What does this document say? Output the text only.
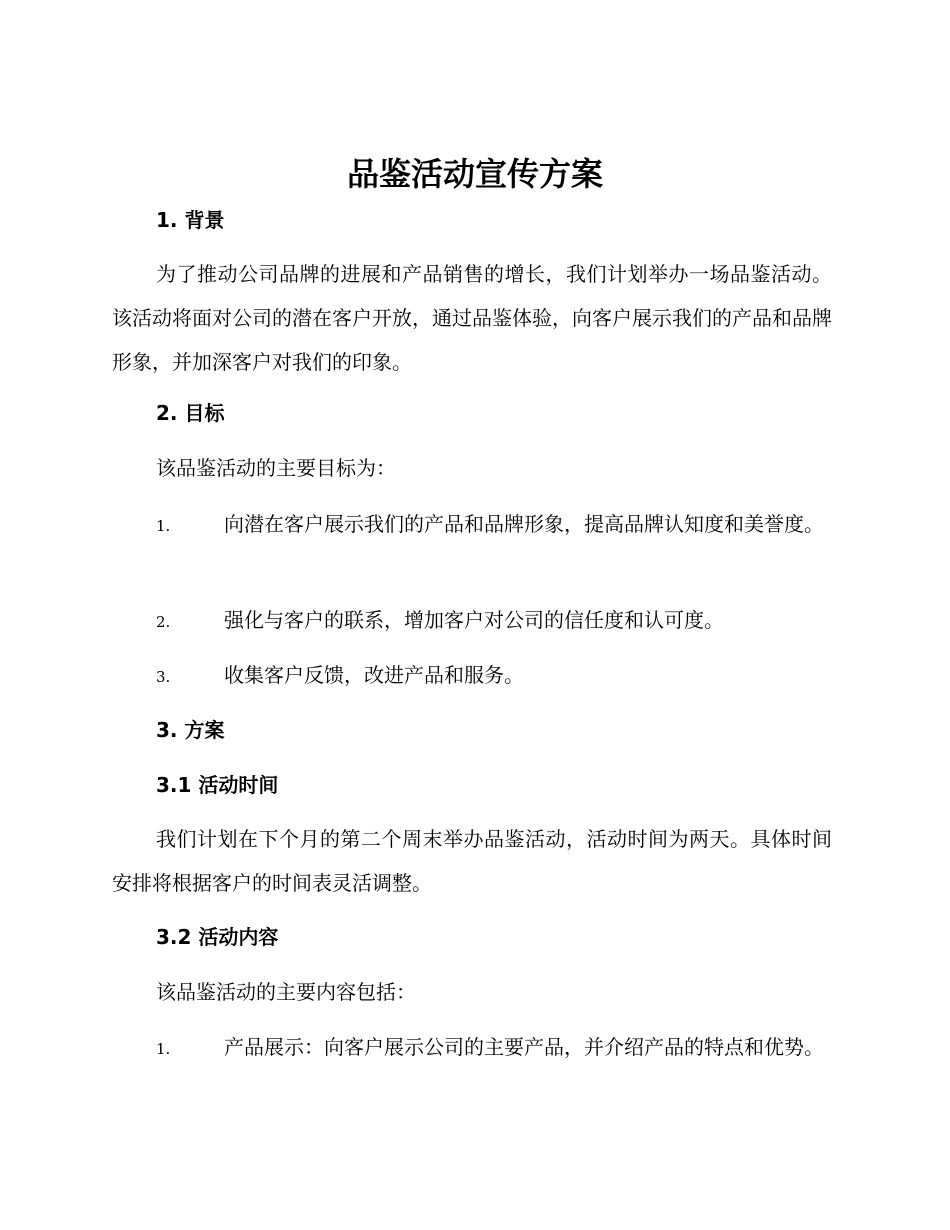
品鉴活动宣传方案
1. 背景

为了推动公司品牌的进展和产品销售的增长，我们计划举办一场品鉴活动。该活动将面对公司的潜在客户开放，通过品鉴体验，向客户展示我们的产品和品牌形象，并加深客户对我们的印象。

2. 目标

该品鉴活动的主要目标为：

1.	向潜在客户展示我们的产品和品牌形象，提高品牌认知度和美誉度。

2.	强化与客户的联系，增加客户对公司的信任度和认可度。

3.	收集客户反馈，改进产品和服务。

3. 方案
3.1 活动时间

我们计划在下个月的第二个周末举办品鉴活动，活动时间为两天。具体时间安排将根据客户的时间表灵活调整。

3.2 活动内容

该品鉴活动的主要内容包括：

1.	产品展示：向客户展示公司的主要产品，并介绍产品的特点和优势。
